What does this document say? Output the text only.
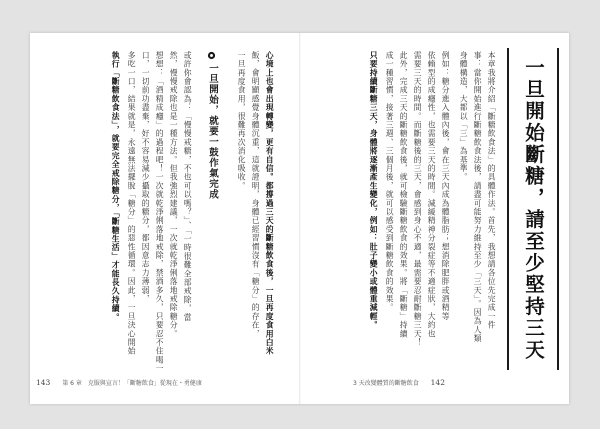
一旦開始斷糖，請至少堅持三天
本章我將介紹「斷糖飲食法」的具體作法。首先，我想請各位先完成一件
事：當你開始進行斷糖飲食法後，請盡可能努力維持至少「三天」。因為人類
身體構造，大都以「三」為基準。
例如：糖分進入體內後，會在三天內成為體脂肪；想消除肥胖或酒精等
依賴型的成癮性，也需要三天的時間。減緩精神分裂症等不適症狀，大約也
需要三天的時間。而斷糖後的三天，會感到身心不適，最需要忍耐斷糖三天！
此外，完成三天的斷糖飲食後，就可檢驗斷糖飲食的效果。將「斷糖」持續
成一種習慣，接著三週、三個月後，就可以感受到斷糖飲食的效果。
只要持續斷糖三天，身體將逐漸產生變化，例如：肚子變小或體重減輕。
3 天改變體質的斷糖飲食 142
心境上也會出現轉變，更有自信。都撐過三天的斷糖飲食後，一旦再度食用白米
飯，會明顯感覺身體沉重，這就證明，身體已經習慣沒有「糖分」的存在，
一旦再度食用，很難再次消化吸收。
一旦開始，就要一鼓作氣完成
或許你會認為：「慢慢戒糖，不也可以嗎？」、「一時很難全部戒除，當
然，慢慢戒除也是一種方法。但我強烈建議，一次就乾淨俐落地戒除糖分。
想想：「酒精成癮」的過程吧！一次就乾淨俐落地戒除，禁酒多久，只要忍不住喝一
口，一切前功盡棄，好不容易減少攝取的糖分，都因意志力薄弱，
多吃一口，結果就是，永遠無法擺脫「糖分」的惡性循環。因此，一旦決心開始
執行「斷糖飲食法」，就要完全戒除糖分，「斷糖生活」才能長久持續。
143 第 6 章　克服與宣言！「斷糖飲食」從現在・勇健康
